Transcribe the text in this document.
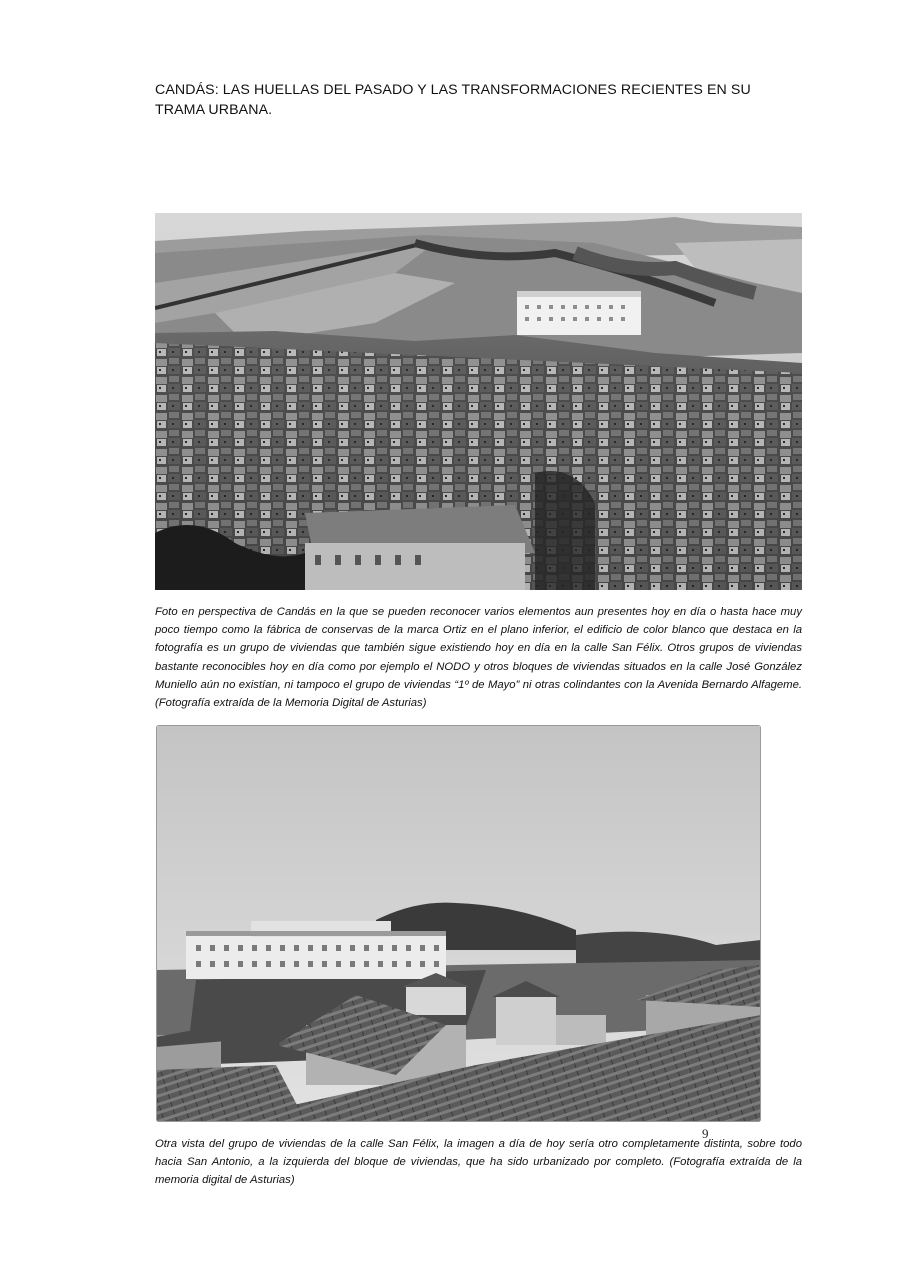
CANDÁS: LAS HUELLAS DEL PASADO Y LAS TRANSFORMACIONES RECIENTES EN SU TRAMA URBANA.
Foto en perspectiva de Candás en la que se pueden reconocer varios elementos aun presentes hoy en día o hasta hace muy poco tiempo como la fábrica de conservas de la marca Ortiz en el plano inferior, el edificio de color blanco que destaca en la fotografía es un grupo de viviendas que también sigue existiendo hoy en día en la calle San Félix. Otros grupos de viviendas bastante reconocibles hoy en día como por ejemplo el NODO y otros bloques de viviendas situados en la calle José González Muniello aún no existían, ni tampoco el grupo de viviendas “1º de Mayo” ni otras colindantes con la Avenida Bernardo Alfageme. (Fotografía extraída de la Memoria Digital de Asturias)
9
Otra vista del grupo de viviendas de la calle San Félix, la imagen a día de hoy sería otro completamente distinta, sobre todo hacia San Antonio, a la izquierda del bloque de viviendas, que ha sido urbanizado por completo. (Fotografía extraída de la memoria digital de Asturias)
